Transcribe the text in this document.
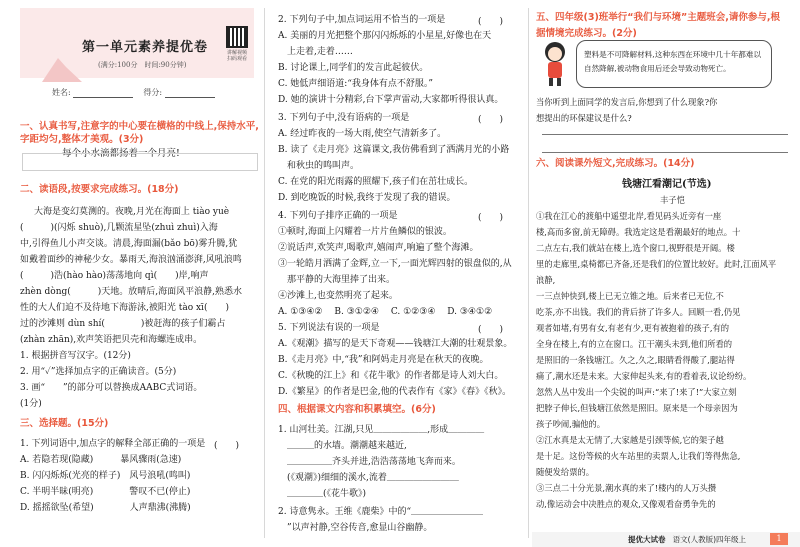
第一单元素养提优卷
(满分:100分　时间:90分钟)
讲解视频
扫码观看
姓名:	得分:
一、认真书写,注意字的中心要在横格的中线上,保持水平,
字距均匀,整体才美观。(3分)
每个小水滴都扬着一个月亮!
二、读语段,按要求完成练习。(18分)
大海是变幻莫测的。夜晚,月光在海面上 tiào yuè
(　　　)(闪烁 shuò),几颗流星坠(zhuì zhuì)入海
中,引得鱼儿小声交谈。清晨,海面漏(bǎo bō)雾升腾,犹
如戴着面纱的神秘少女。暴雨天,海浪汹涌澎湃,风吼浪鸣
(　　　)浩(hào hào)荡荡地向 qì(　　)岸,响声
zhèn dòng(　　　)天地。放晴后,海面风平浪静,熟悉水
性的大人们迫不及待地下海游泳,被阳光 tào xī(　　)
过的沙滩则 dùn shí(　　　　)被赶海的孩子们霸占
(zhàn zhān),欢声笑语把贝壳和海螺连成串。
1. 根据拼音写汉字。(12分)
2. 用“✓”选择加点字的正确读音。(5分)
3. 画“　　”的部分可以替换成AABC式词语。
(1分)
三、选择题。(15分)
1. 下列词语中,加点字的解释全部正确的一项是
A. 若隐若现(隐藏)　　　暴风骤雨(急速)
B. 闪闪烁烁(光亮的样子)　风号浪吼(鸣叫)
C. 半明半昧(明亮)　　　　警叹不已(停止)
D. 摇摇欲坠(希望)　　　　人声鼎沸(沸腾)
(　　)
2. 下列句子中,加点词运用不恰当的一项是
A. 美丽的月光把整个那闪闪烁烁的小星星,好像也在天
　上走着,走着……
B. 讨论课上,同学们的发言此起彼伏。
C. 她低声细语道:“我身体有点不舒服。”
D. 她的演讲十分精彩,台下掌声雷动,大家都听得很认真。
3. 下列句子中,没有语病的一项是
A. 经过昨夜的一场大雨,使空气清新多了。
B. 读了《走月亮》这篇课文,我仿佛看到了洒满月光的小路
　和秋虫的鸣叫声。
C. 在党的阳光雨露的照耀下,孩子们在茁壮成长。
D. 到吃晚饭的时候,我终于发现了我的错误。
4. 下列句子排序正确的一项是
①顿时,海面上闪耀着一片片鱼鳞似的银波。
②说话声,欢笑声,喝歌声,嬉闹声,响遍了整个海滩。
③一轮皓月洒满了金辉,立一下,一面光辉四射的银盘似的,从
　那平静的大海里捧了出来。
④沙滩上,也变然明亮了起来。
A. ①③④② 　B. ③①②④ 　C. ①②③④ 　D. ③④①②
5. 下列说法有误的一项是
A.《观潮》描写的是天下奇观——钱塘江大潮的壮观景象。
B.《走月亮》中,“我”和阿妈走月亮是在秋天的夜晚。
C.《秋晚的江上》和《花牛歌》的作者都是诗人刘大白。
D.《繁星》的作者是巴金,他的代表作有《家》《春》《秋》。
四、根据课文内容和积累填空。(6分)
1. 山河壮美。江湖,只见＿＿＿＿＿＿,形成＿＿＿＿
　＿＿＿的水墙。潮潮越来越近,
　＿＿＿＿＿齐头并进,浩浩荡荡地飞奔而来。
　(《观潮》)细细的溪水,流着＿＿＿＿＿＿＿＿
　＿＿＿＿(《花牛歌》)
2. 诗意隽永。王维《鹿柴》中的“＿＿＿＿＿＿＿＿
　”以声衬静,空谷传音,愈显山谷幽静。
(　　)
(　　)
(　　)
(　　)
五、四年级(3)班举行“我们与环境”主题班会,请你参与,根
据情境完成练习。(2分)
塑料是不可降解材料,这种东西在环境中几十年都难以
自然降解,被动物食用后还会导致动物死亡。
当你听到上面同学的发言后,你想到了什么现象?你
想提出的环保建议是什么?
六、阅读课外短文,完成练习。(14分)
钱塘江看潮记(节选)
丰子恺
①我在江心的渡船中遥望北岸,看见码头近旁有一座
楼,高而多窗,前无障碍。我选定这是看潮最好的地点。十
二点左右,我们就站在楼上,选个窗口,视野很是开阔。楼
里的走廊里,桌椅都已齐备,还是我们的位置比较好。此时,江面风平
浪静,
一三点钟快到,楼上已无立锥之地。后来者已无位,不
吃茶,亦不出钱。我们的背后挤了许多人。回顾一看,仍见
观者如堵,有男有女,有老有少,更有被抱着的孩子,有的
全身在楼上,有的立在窗口。江干潮头未到,他们所看的
是照旧的一条钱塘江。久之,久之,眼睛看得酸了,腿站得
痛了,潮水还是未来。大家伸起头来,有的看着表,议论纷纷。
忽然人丛中发出一个尖锐的叫声:“来了!来了!”大家立刻
把脖子伸长,但钱塘江依然是照旧。原来是一个母亲因为
孩子吵闹,骗他的。
②江水真是太无情了,大家越是引颈等候,它的架子越
是十足。这份等候的火车站里的卖票人,让我们等得焦急,
随便发给票的。
③三点二十分光景,潮水真的来了!楼内的人万头攒
动,像运动会中决胜点的观众,又像观看奋勇争先的
提优大试卷 语文(人教版)四年级上	1
